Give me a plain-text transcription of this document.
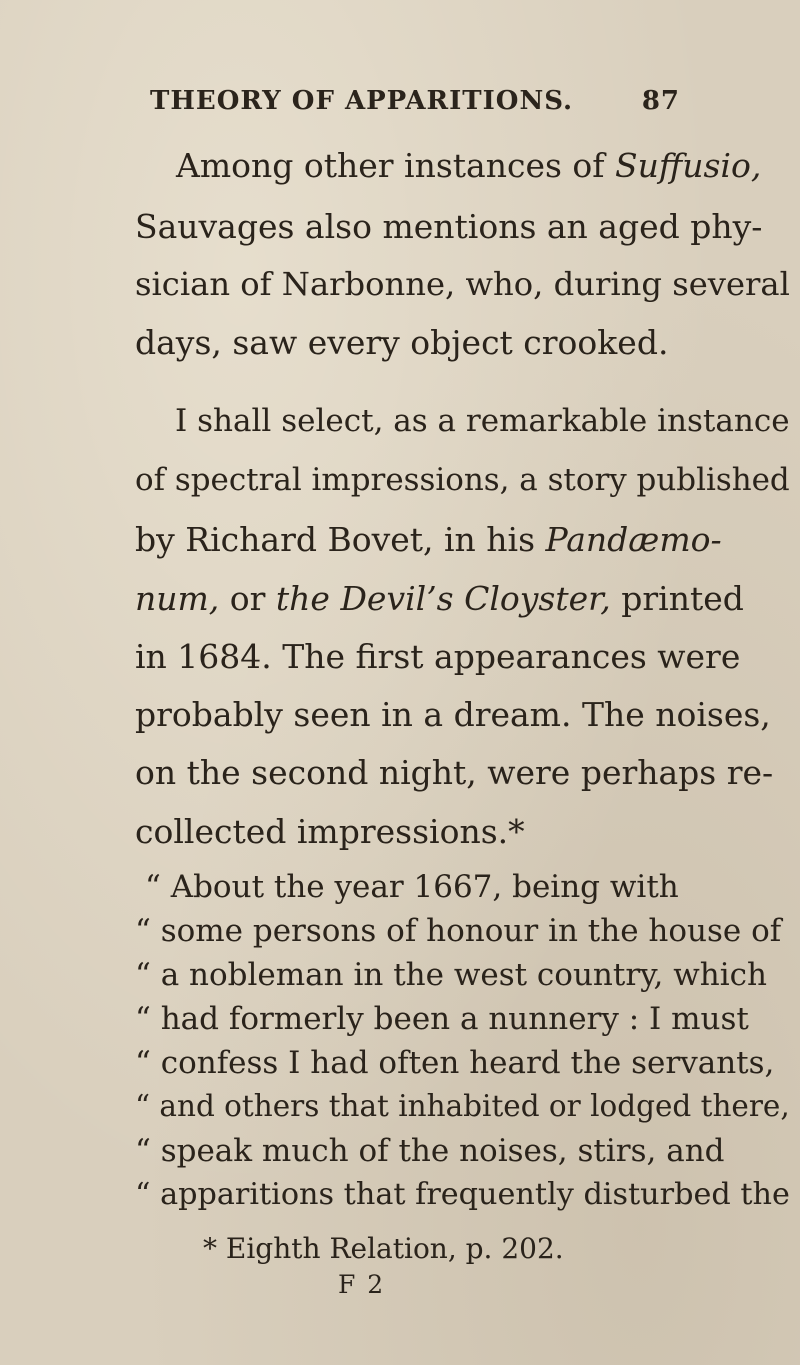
THEORY OF APPARITIONS.	87
Among other instances of Suffusio,
Sauvages also mentions an aged phy-
sician of Narbonne, who, during several
days, saw every object crooked.
I shall select, as a remarkable instance
of spectral impressions, a story published
by Richard Bovet, in his Pandæmo-
num, or the Devil’s Cloyster, printed
in 1684. The first appearances were
probably seen in a dream. The noises,
on the second night, were perhaps re-
collected impressions.*
“ About the year 1667, being with
“ some persons of honour in the house of
“ a nobleman in the west country, which
“ had formerly been a nunnery : I must
“ confess I had often heard the servants,
“ and others that inhabited or lodged there,
“ speak much of the noises, stirs, and
“ apparitions that frequently disturbed the
* Eighth Relation, p. 202.
F 2
